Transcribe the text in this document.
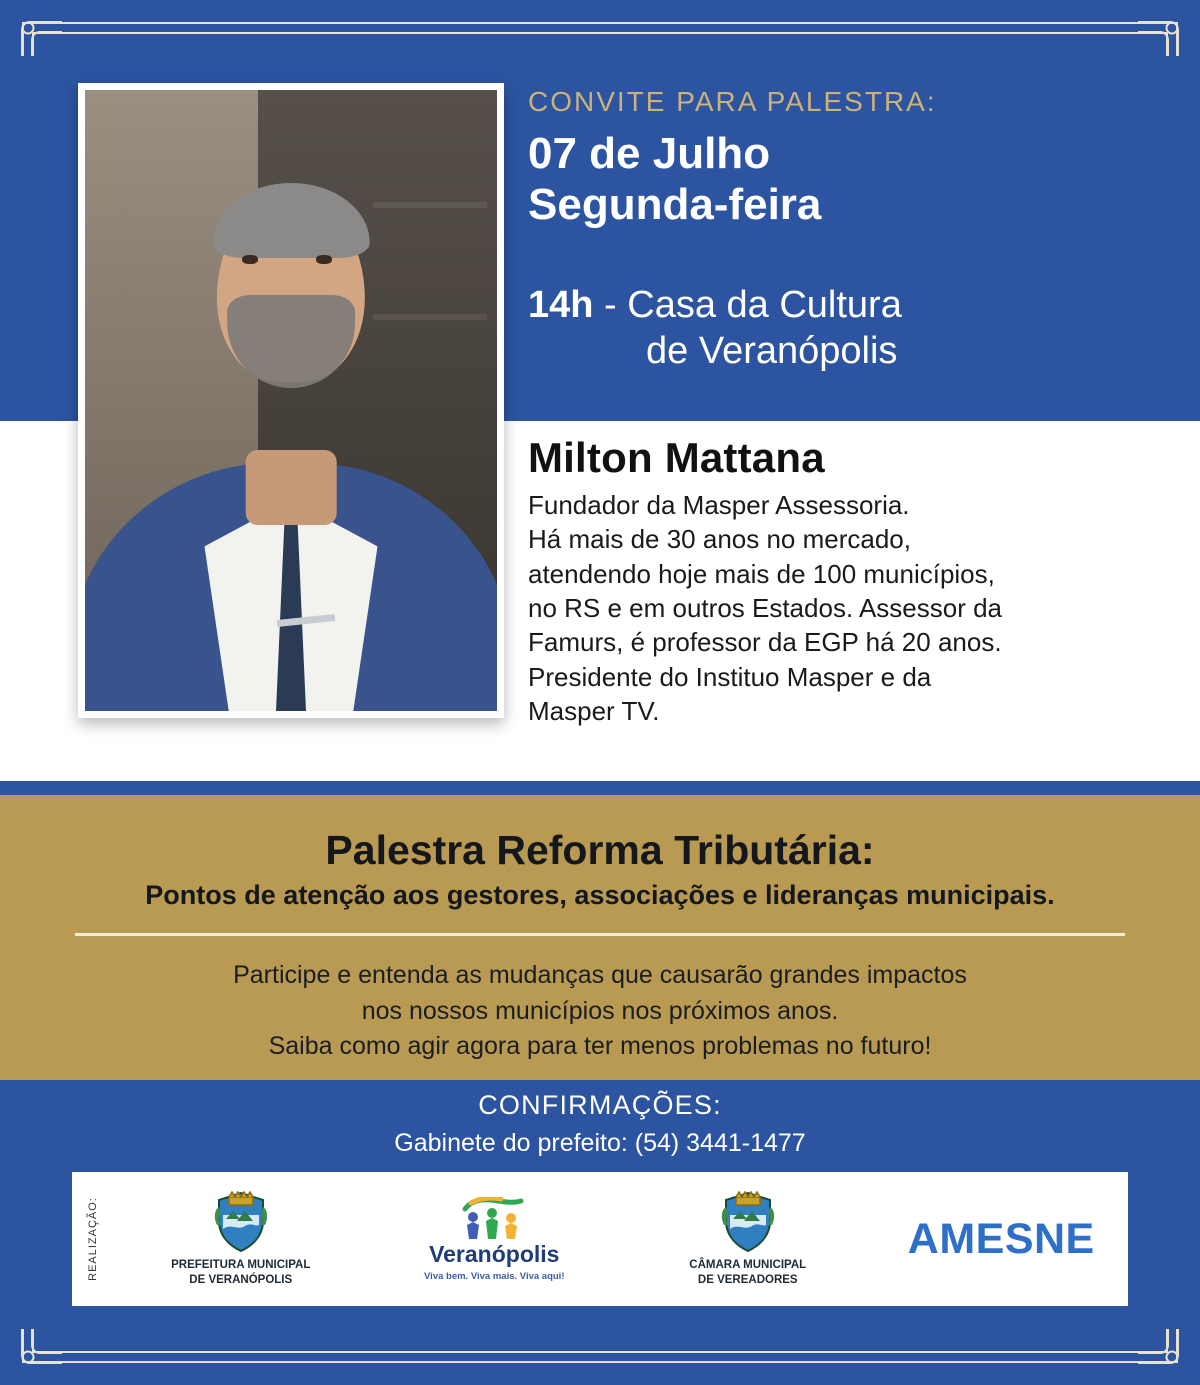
CONVITE PARA PALESTRA:
07 de Julho
Segunda-feira
14h - Casa da Cultura
de Veranópolis
Milton Mattana
Fundador da Masper Assessoria.
Há mais de 30 anos no mercado,
atendendo hoje mais de 100 municípios,
no RS e em outros Estados. Assessor da
Famurs, é professor da EGP há 20 anos.
Presidente do Instituo Masper e da
Masper TV.
Palestra Reforma Tributária:
Pontos de atenção aos gestores, associações e lideranças municipais.
Participe e entenda as mudanças que causarão grandes impactos
nos nossos municípios nos próximos anos.
Saiba como agir agora para ter menos problemas no futuro!
CONFIRMAÇÕES:
Gabinete do prefeito: (54) 3441-1477
REALIZAÇÃO:	PREFEITURA MUNICIPAL
DE VERANÓPOLIS
Veranópolis
Viva bem. Viva mais. Viva aqui!
CÂMARA MUNICIPAL
DE VEREADORES
AMESNE
